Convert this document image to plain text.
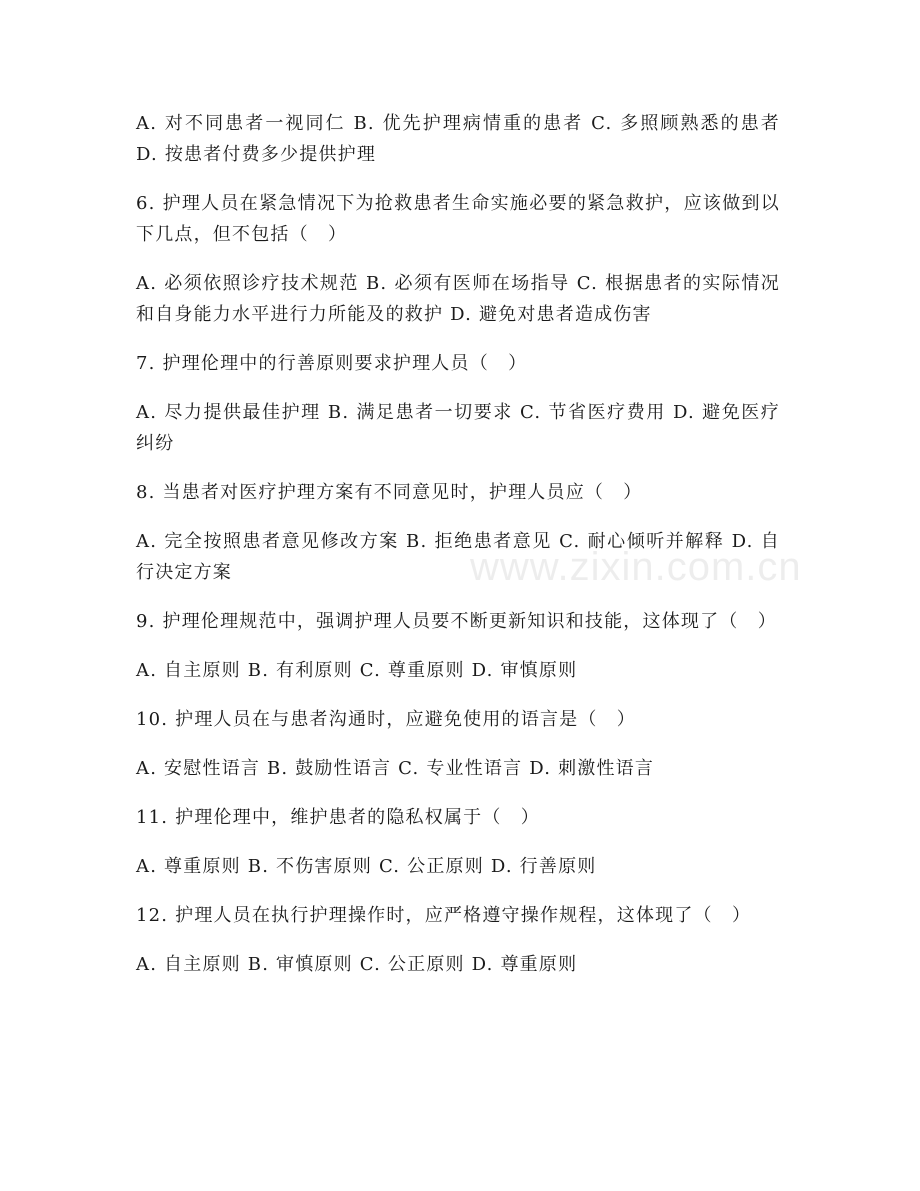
www.zixin.com.cn

A. 对不同患者一视同仁 B. 优先护理病情重的患者 C. 多照顾熟悉的患者 D. 按患者付费多少提供护理

6. 护理人员在紧急情况下为抢救患者生命实施必要的紧急救护，应该做到以下几点，但不包括（　）

A. 必须依照诊疗技术规范 B. 必须有医师在场指导 C. 根据患者的实际情况和自身能力水平进行力所能及的救护 D. 避免对患者造成伤害

7. 护理伦理中的行善原则要求护理人员（　）

A. 尽力提供最佳护理 B. 满足患者一切要求 C. 节省医疗费用 D. 避免医疗纠纷

8. 当患者对医疗护理方案有不同意见时，护理人员应（　）

A. 完全按照患者意见修改方案 B. 拒绝患者意见 C. 耐心倾听并解释 D. 自行决定方案

9. 护理伦理规范中，强调护理人员要不断更新知识和技能，这体现了（　）

A. 自主原则 B. 有利原则 C. 尊重原则 D. 审慎原则

10. 护理人员在与患者沟通时，应避免使用的语言是（　）

A. 安慰性语言 B. 鼓励性语言 C. 专业性语言 D. 刺激性语言

11. 护理伦理中，维护患者的隐私权属于（　）

A. 尊重原则 B. 不伤害原则 C. 公正原则 D. 行善原则

12. 护理人员在执行护理操作时，应严格遵守操作规程，这体现了（　）

A. 自主原则 B. 审慎原则 C. 公正原则 D. 尊重原则
